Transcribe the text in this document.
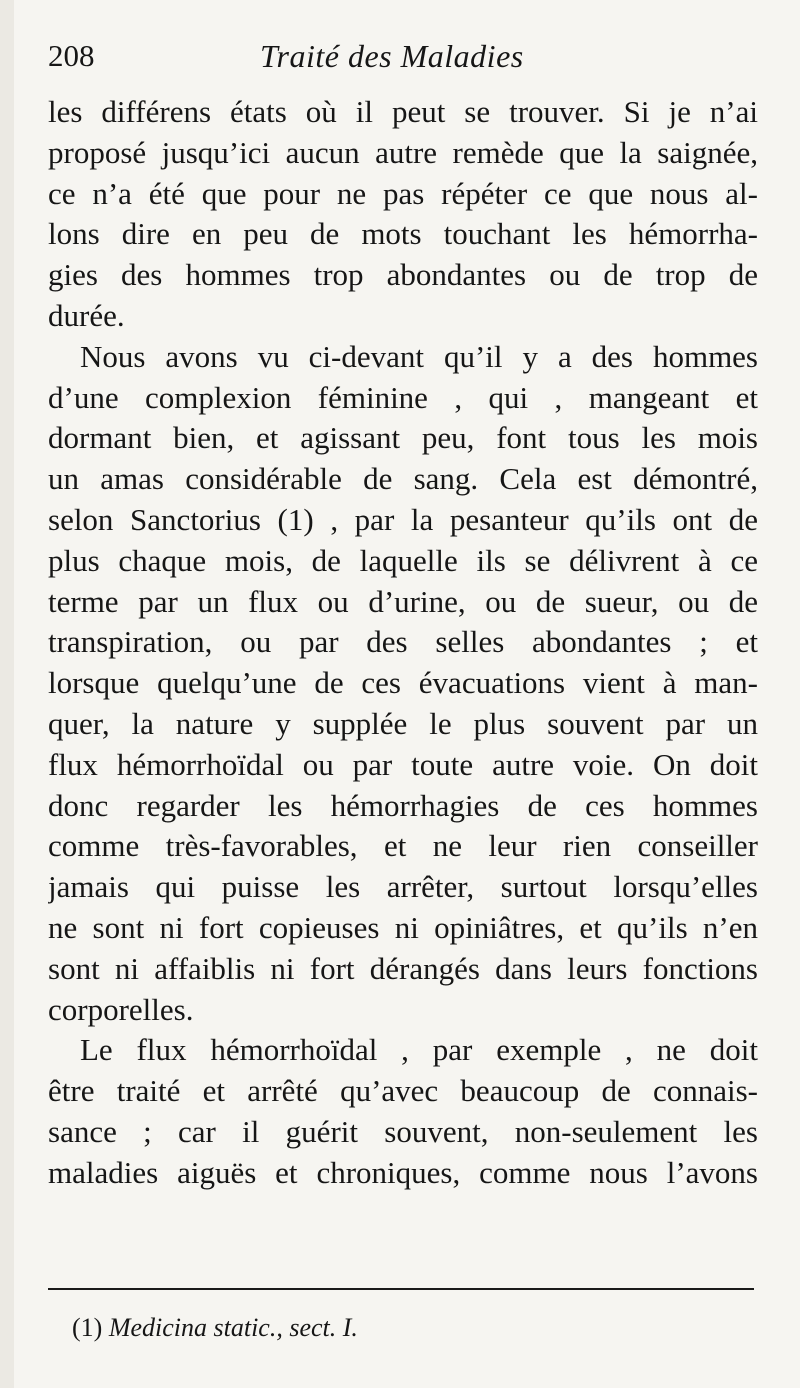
208	Traité des Maladies
les différens états où il peut se trouver. Si je n’ai
proposé jusqu’ici aucun autre remède que la saignée,
ce n’a été que pour ne pas répéter ce que nous al-
lons dire en peu de mots touchant les hémorrha-
gies des hommes trop abondantes ou de trop de
durée.
Nous avons vu ci-devant qu’il y a des hommes
d’une complexion féminine , qui , mangeant et
dormant bien, et agissant peu, font tous les mois
un amas considérable de sang. Cela est démontré,
selon Sanctorius (1) , par la pesanteur qu’ils ont de
plus chaque mois, de laquelle ils se délivrent à ce
terme par un flux ou d’urine, ou de sueur, ou de
transpiration, ou par des selles abondantes ; et
lorsque quelqu’une de ces évacuations vient à man-
quer, la nature y supplée le plus souvent par un
flux hémorrhoïdal ou par toute autre voie. On doit
donc regarder les hémorrhagies de ces hommes
comme très-favorables, et ne leur rien conseiller
jamais qui puisse les arrêter, surtout lorsqu’elles
ne sont ni fort copieuses ni opiniâtres, et qu’ils n’en
sont ni affaiblis ni fort dérangés dans leurs fonctions
corporelles.
Le flux hémorrhoïdal , par exemple , ne doit
être traité et arrêté qu’avec beaucoup de connais-
sance ; car il guérit souvent, non-seulement les
maladies aiguës et chroniques, comme nous l’avons
(1) Medicina static., sect. I.
